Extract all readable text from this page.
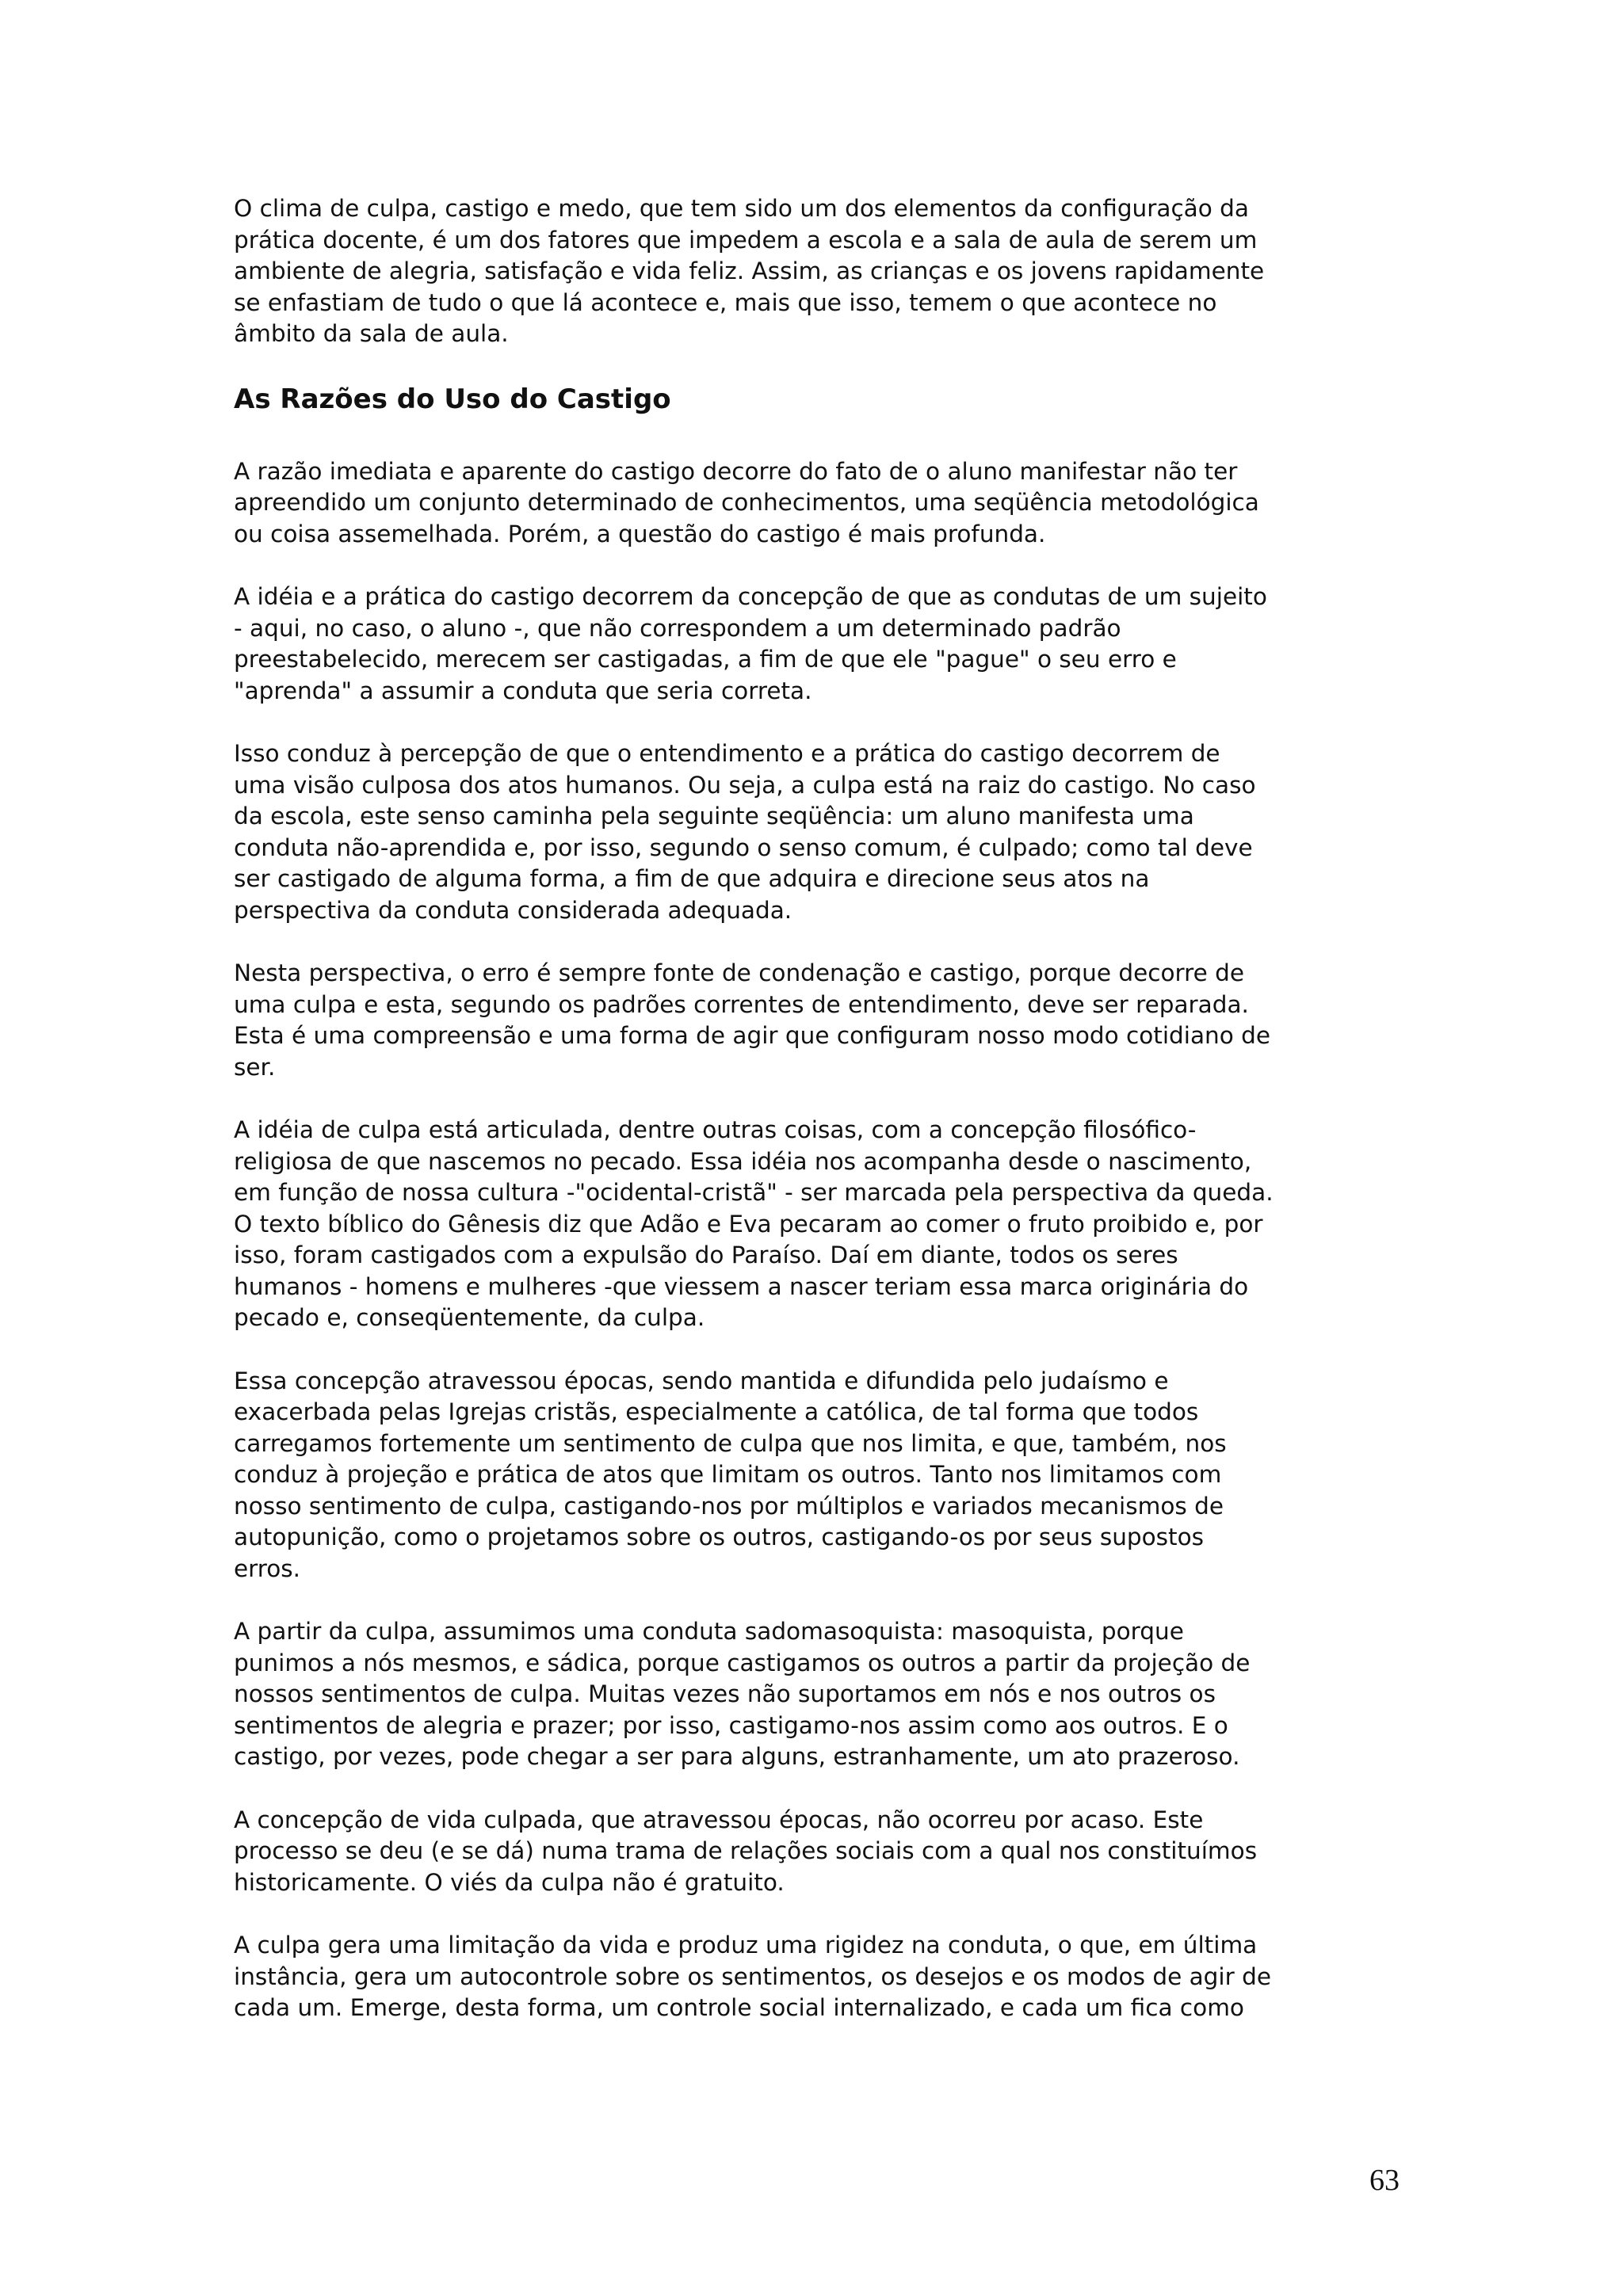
O clima de culpa, castigo e medo, que tem sido um dos elementos da configuração da
prática docente, é um dos fatores que impedem a escola e a sala de aula de serem um
ambiente de alegria, satisfação e vida feliz. Assim, as crianças e os jovens rapidamente
se enfastiam de tudo o que lá acontece e, mais que isso, temem o que acontece no
âmbito da sala de aula.

As Razões do Uso do Castigo

A razão imediata e aparente do castigo decorre do fato de o aluno manifestar não ter
apreendido um conjunto determinado de conhecimentos, uma seqüência metodológica
ou coisa assemelhada. Porém, a questão do castigo é mais profunda.

A idéia e a prática do castigo decorrem da concepção de que as condutas de um sujeito
- aqui, no caso, o aluno -, que não correspondem a um determinado padrão
preestabelecido, merecem ser castigadas, a fim de que ele "pague" o seu erro e
"aprenda" a assumir a conduta que seria correta.

Isso conduz à percepção de que o entendimento e a prática do castigo decorrem de
uma visão culposa dos atos humanos. Ou seja, a culpa está na raiz do castigo. No caso
da escola, este senso caminha pela seguinte seqüência: um aluno manifesta uma
conduta não-aprendida e, por isso, segundo o senso comum, é culpado; como tal deve
ser castigado de alguma forma, a fim de que adquira e direcione seus atos na
perspectiva da conduta considerada adequada.

Nesta perspectiva, o erro é sempre fonte de condenação e castigo, porque decorre de
uma culpa e esta, segundo os padrões correntes de entendimento, deve ser reparada.
Esta é uma compreensão e uma forma de agir que configuram nosso modo cotidiano de
ser.

A idéia de culpa está articulada, dentre outras coisas, com a concepção filosófico-
religiosa de que nascemos no pecado. Essa idéia nos acompanha desde o nascimento,
em função de nossa cultura -"ocidental-cristã" - ser marcada pela perspectiva da queda.
O texto bíblico do Gênesis diz que Adão e Eva pecaram ao comer o fruto proibido e, por
isso, foram castigados com a expulsão do Paraíso. Daí em diante, todos os seres
humanos - homens e mulheres -que viessem a nascer teriam essa marca originária do
pecado e, conseqüentemente, da culpa.

Essa concepção atravessou épocas, sendo mantida e difundida pelo judaísmo e
exacerbada pelas Igrejas cristãs, especialmente a católica, de tal forma que todos
carregamos fortemente um sentimento de culpa que nos limita, e que, também, nos
conduz à projeção e prática de atos que limitam os outros. Tanto nos limitamos com
nosso sentimento de culpa, castigando-nos por múltiplos e variados mecanismos de
autopunição, como o projetamos sobre os outros, castigando-os por seus supostos
erros.

A partir da culpa, assumimos uma conduta sadomasoquista: masoquista, porque
punimos a nós mesmos, e sádica, porque castigamos os outros a partir da projeção de
nossos sentimentos de culpa. Muitas vezes não suportamos em nós e nos outros os
sentimentos de alegria e prazer; por isso, castigamo-nos assim como aos outros. E o
castigo, por vezes, pode chegar a ser para alguns, estranhamente, um ato prazeroso.

A concepção de vida culpada, que atravessou épocas, não ocorreu por acaso. Este
processo se deu (e se dá) numa trama de relações sociais com a qual nos constituímos
historicamente. O viés da culpa não é gratuito.

A culpa gera uma limitação da vida e produz uma rigidez na conduta, o que, em última
instância, gera um autocontrole sobre os sentimentos, os desejos e os modos de agir de
cada um. Emerge, desta forma, um controle social internalizado, e cada um fica como

63
